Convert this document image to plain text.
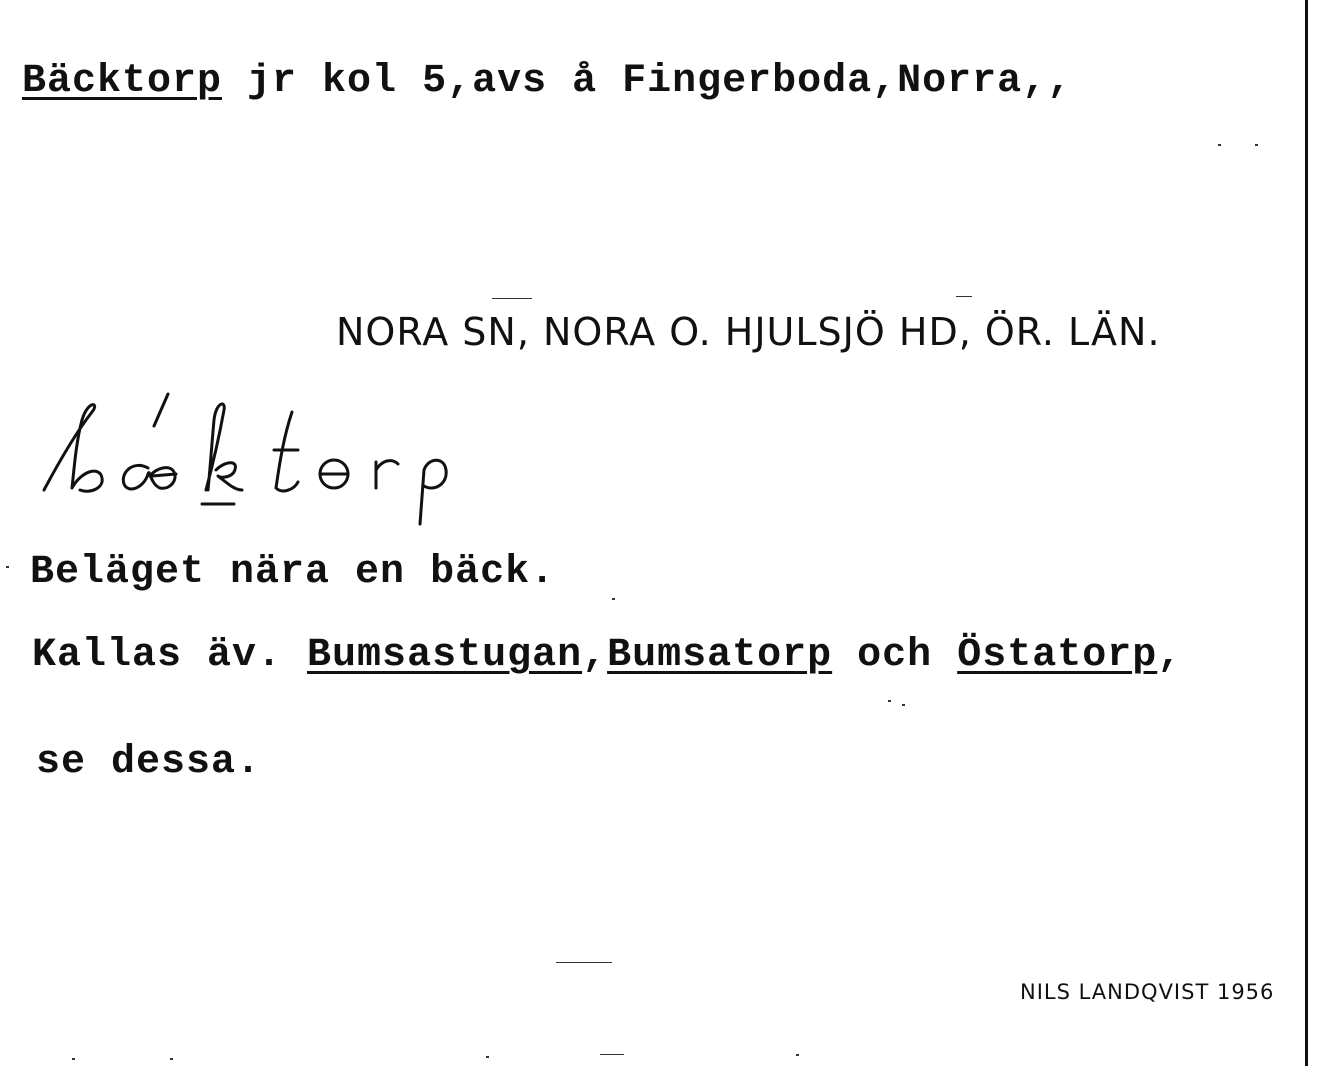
Bäcktorp jr kol 5,avs å Fingerboda,Norra,,
NORA SN, NORA O. HJULSJÖ HD, ÖR. LÄN.
Beläget nära en bäck.
Kallas äv. Bumsastugan,Bumsatorp och Östatorp,
se dessa.
NILS LANDQVIST 1956
